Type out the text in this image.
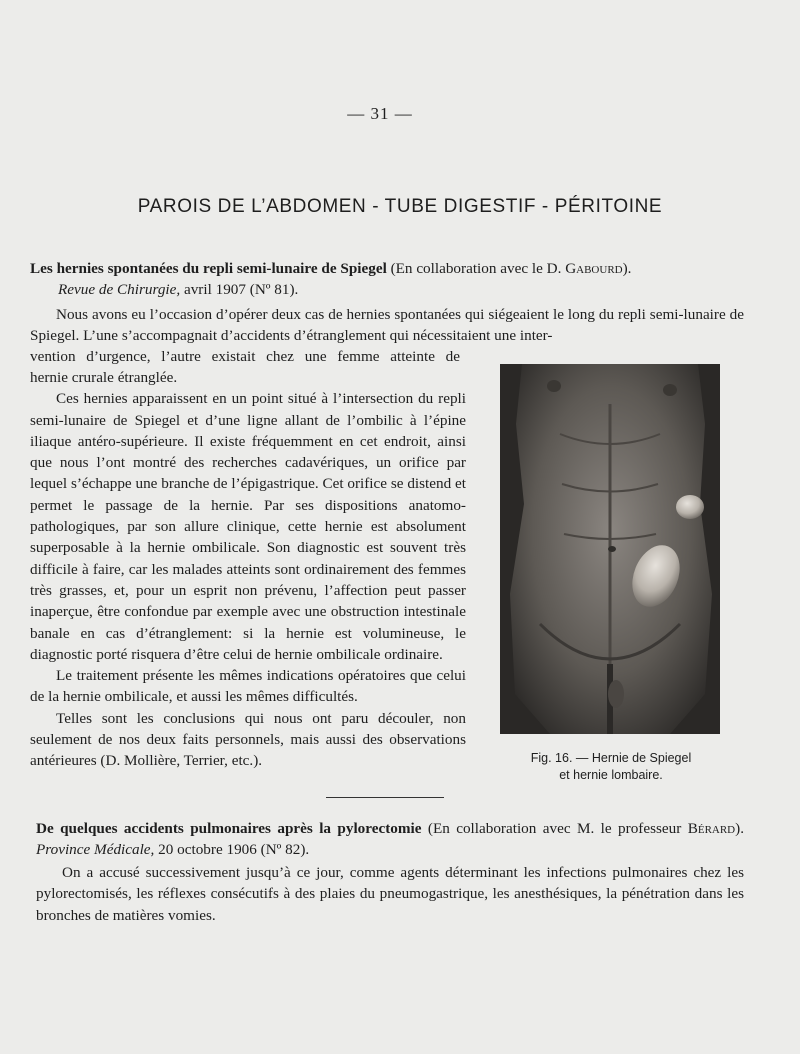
— 31 —
PAROIS DE L’ABDOMEN - TUBE DIGESTIF - PÉRITOINE

Les hernies spontanées du repli semi-lunaire de Spiegel (En collaboration avec le D. Gabourd).

Revue de Chirurgie, avril 1907 (Nº 81).

Nous avons eu l’occasion d’opérer deux cas de hernies spontanées qui siégeaient le long du repli semi-lunaire de Spiegel. L’une s’accompagnait d’accidents d’étranglement qui nécessitaient une inter-

vention d’urgence, l’autre existait chez une femme atteinte de

hernie crurale étranglée.
Ces hernies apparaissent en un point situé à l’intersection du repli semi-lunaire de Spiegel et d’une ligne allant de l’ombilic à l’épine iliaque antéro-supérieure. Il existe fréquemment en cet endroit, ainsi que nous l’ont montré des recherches cadavériques, un orifice par lequel s’échappe une branche de l’épigastrique. Cet orifice se distend et permet le passage de la hernie. Par ses dispositions anatomo-pathologiques, par son allure clinique, cette hernie est absolument superposable à la hernie ombilicale. Son diagnostic est souvent très difficile à faire, car les malades atteints sont ordinairement des femmes très grasses, et, pour un esprit non prévenu, l’affection peut passer inaperçue, être confondue par exemple avec une obstruction intestinale banale en cas d’étranglement: si la hernie est volumineuse, le diagnostic porté risquera d’être celui de hernie ombilicale ordinaire.
Le traitement présente les mêmes indications opératoires que celui de la hernie ombilicale, et aussi les mêmes difficultés.
Telles sont les conclusions qui nous ont paru découler, non seulement de nos deux faits personnels, mais aussi des observations antérieures (D. Mollière, Terrier, etc.).	Fig. 16. — Hernie de Spiegel
et hernie lombaire.

De quelques accidents pulmonaires après la pylorectomie (En collaboration avec M. le professeur Bérard). Province Médicale, 20 octobre 1906 (Nº 82).

On a accusé successivement jusqu’à ce jour, comme agents déterminant les infections pulmonaires chez les pylorectomisés, les réflexes consécutifs à des plaies du pneumogastrique, les anesthésiques, la pénétration dans les bronches de matières vomies.
